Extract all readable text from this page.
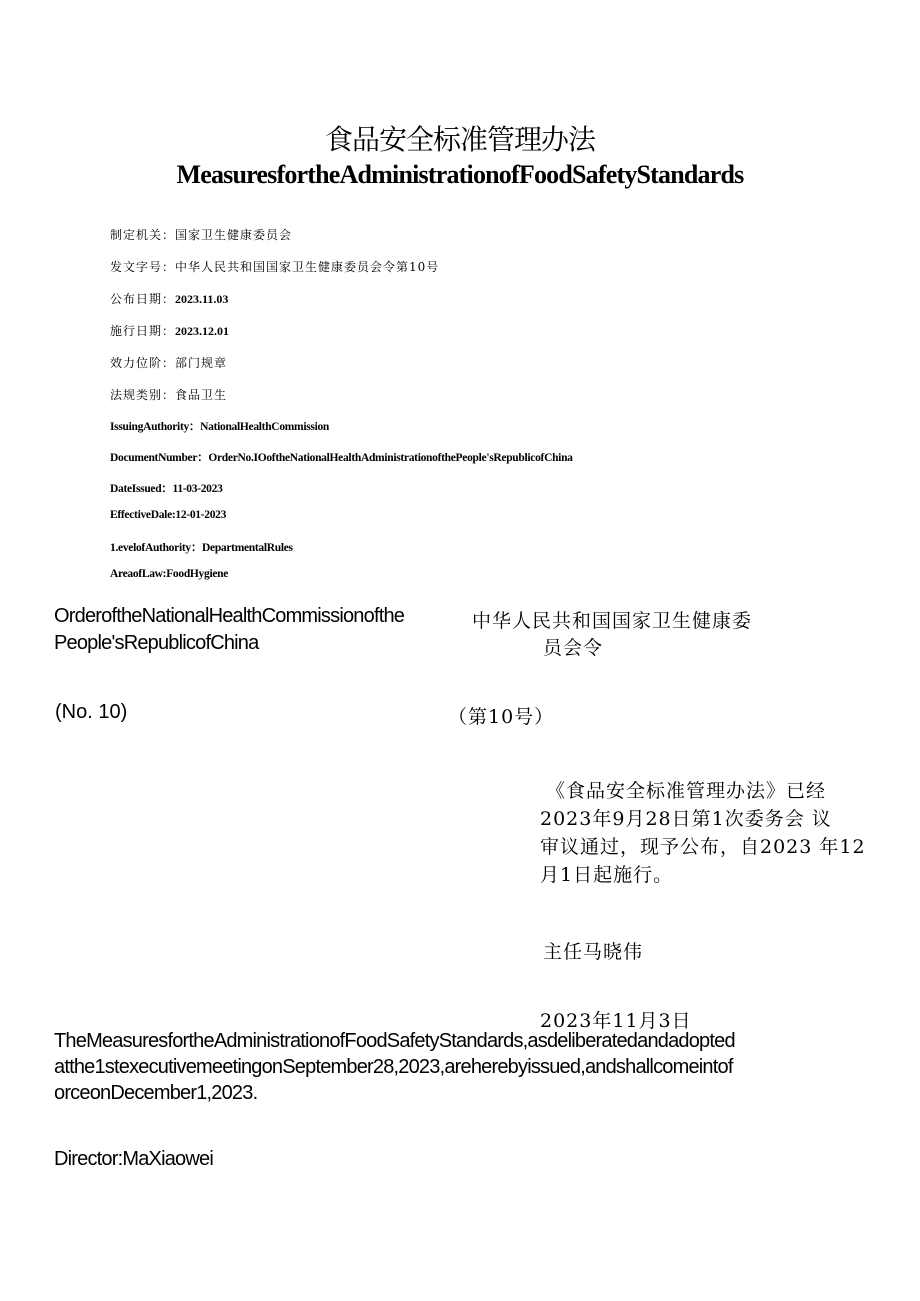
食品安全标准管理办法
MeasuresfortheAdministrationofFoodSafetyStandards
制定机关：国家卫生健康委员会
发文字号：中华人民共和国国家卫生健康委员会令第10号
公布日期：2023.11.03
施行日期：2023.12.01
效力位阶：部门规章
法规类别：食品卫生
IssuingAuthority：NationalHealthCommission
DocumentNumber：OrderNo.IOoftheNationalHealthAdministrationofthePeople'sRepublicofChina
DateIssued：11-03-2023
EffectiveDale:12-01-2023
1.evelofAuthority：DepartmentalRules
AreaofLaw:FoodHygiene
OrderoftheNationalHealthCommissionofthe
People'sRepublicofChina
中华人民共和国国家卫生健康委
员会令
(No. 10)	（第10号）
《食品安全标准管理办法》已经
2023年9月28日第1次委务会 议
审议通过，现予公布，自2023 年12
月1日起施行。
主任马晓伟
2023年11月3日
TheMeasuresfortheAdministrationofFoodSafetyStandards,asdeliberatedandadopted
atthe1stexecutivemeetingonSeptember28,2023,areherebyissued,andshallcomeintof
orceonDecember1,2023.
Director:MaXiaowei
